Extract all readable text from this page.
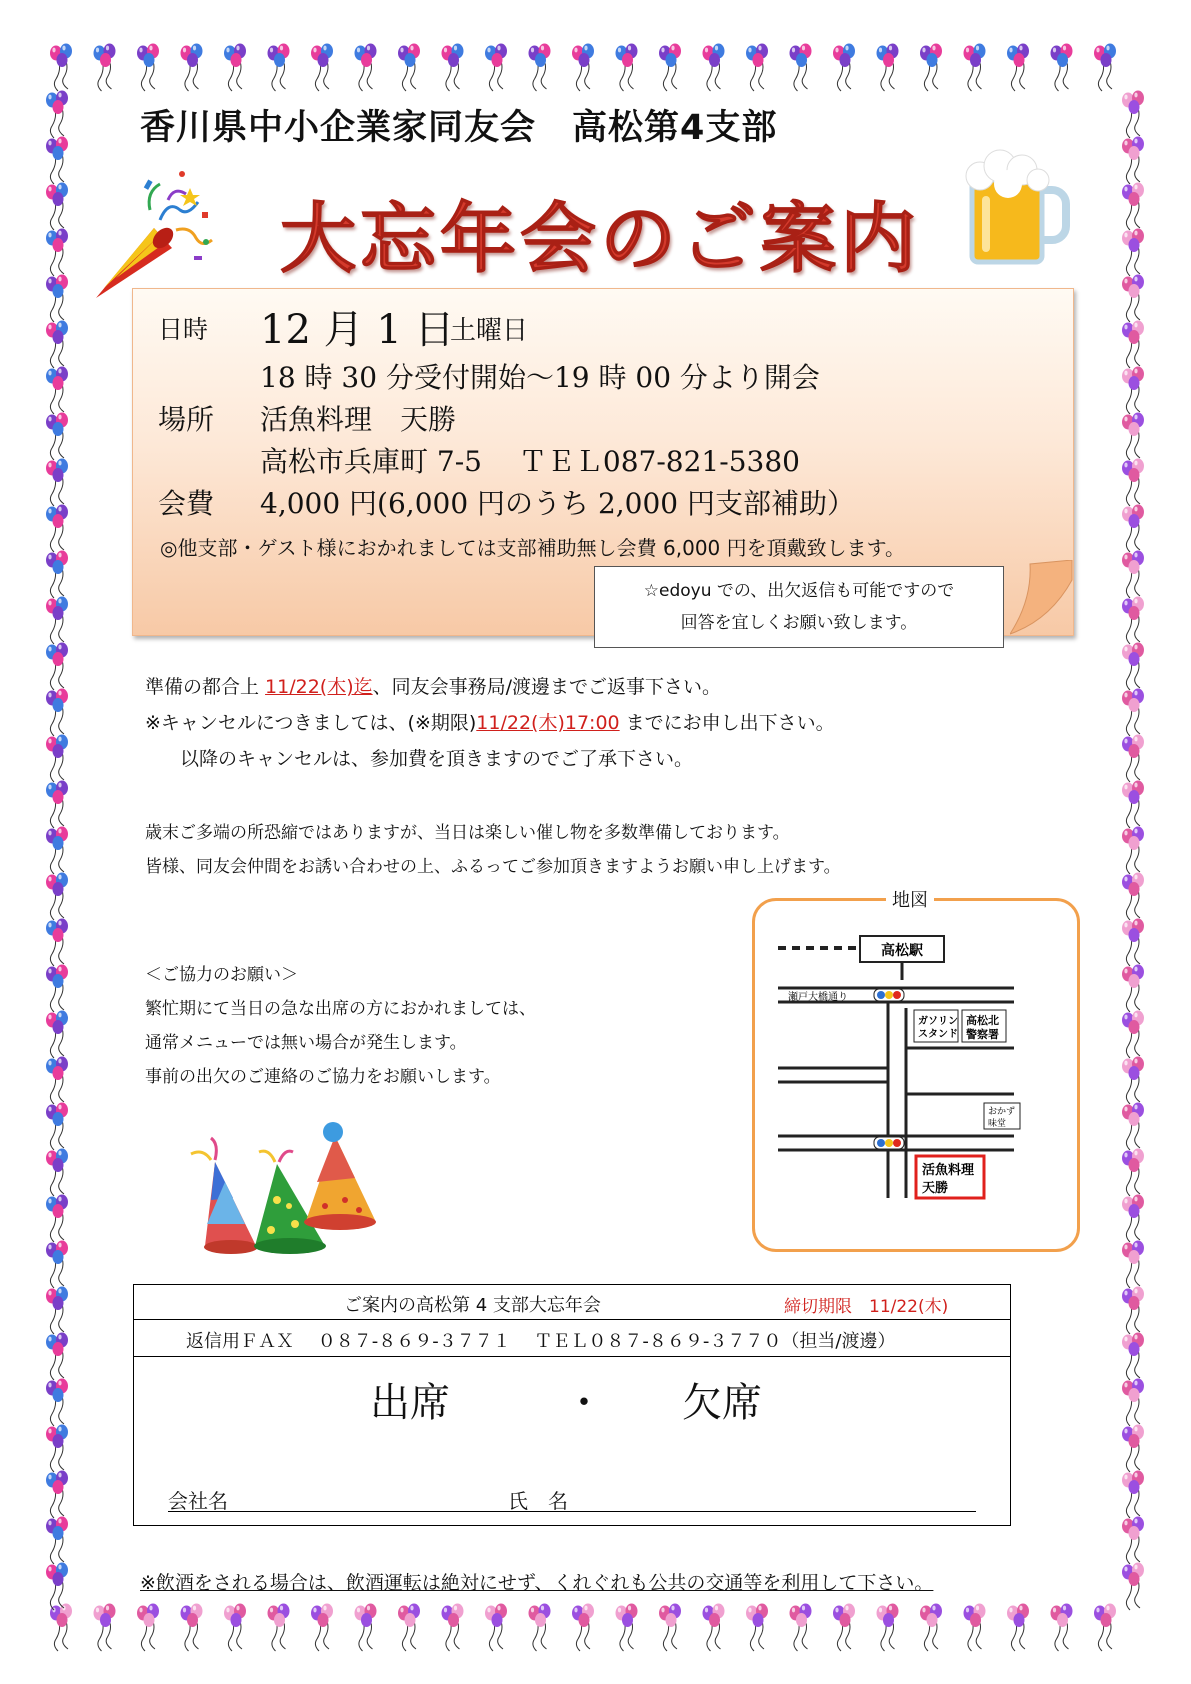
香川県中小企業家同友会　高松第4支部
大忘年会のご案内
日時 12 月 1 日
土曜日
18 時 30 分受付開始～19 時 00 分より開会
場所 活魚料理　天勝
高松市兵庫町 7-5　 ＴＥＬ087-821-5380
会費 4,000 円(6,000 円のうち 2,000 円支部補助）
◎他支部・ゲスト様におかれましては支部補助無し会費 6,000 円を頂戴致します。
☆edoyu での、出欠返信も可能ですので
回答を宜しくお願い致します。
準備の都合上 11/22(木)迄、同友会事務局/渡邊までご返事下さい。
※キャンセルにつきましては、(※期限)11/22(木)17:00 までにお申し出下さい。
以降のキャンセルは、参加費を頂きますのでご了承下さい。
歳末ご多端の所恐縮ではありますが、当日は楽しい催し物を多数準備しております。
皆様、同友会仲間をお誘い合わせの上、ふるってご参加頂きますようお願い申し上げます。
＜ご協力のお願い＞
繁忙期にて当日の急な出席の方におかれましては、
通常メニューでは無い場合が発生します。
事前の出欠のご連絡のご協力をお願いします。
地図
高松駅
瀬戸大橋通り
ガソリン
スタンド
高松北
警察署
おかず
味堂
活魚料理
天勝
ご案内の高松第 4 支部大忘年会	締切期限　11/22(木)
返信用ＦＡＸ　 ０８７-８６９-３７７１　 ＴＥＬ０８７-８６９-３７７０（担当/渡邊）
出席	・ 欠席
会社名	氏　名
※飲酒をされる場合は、飲酒運転は絶対にせず、くれぐれも公共の交通等を利用して下さい。
